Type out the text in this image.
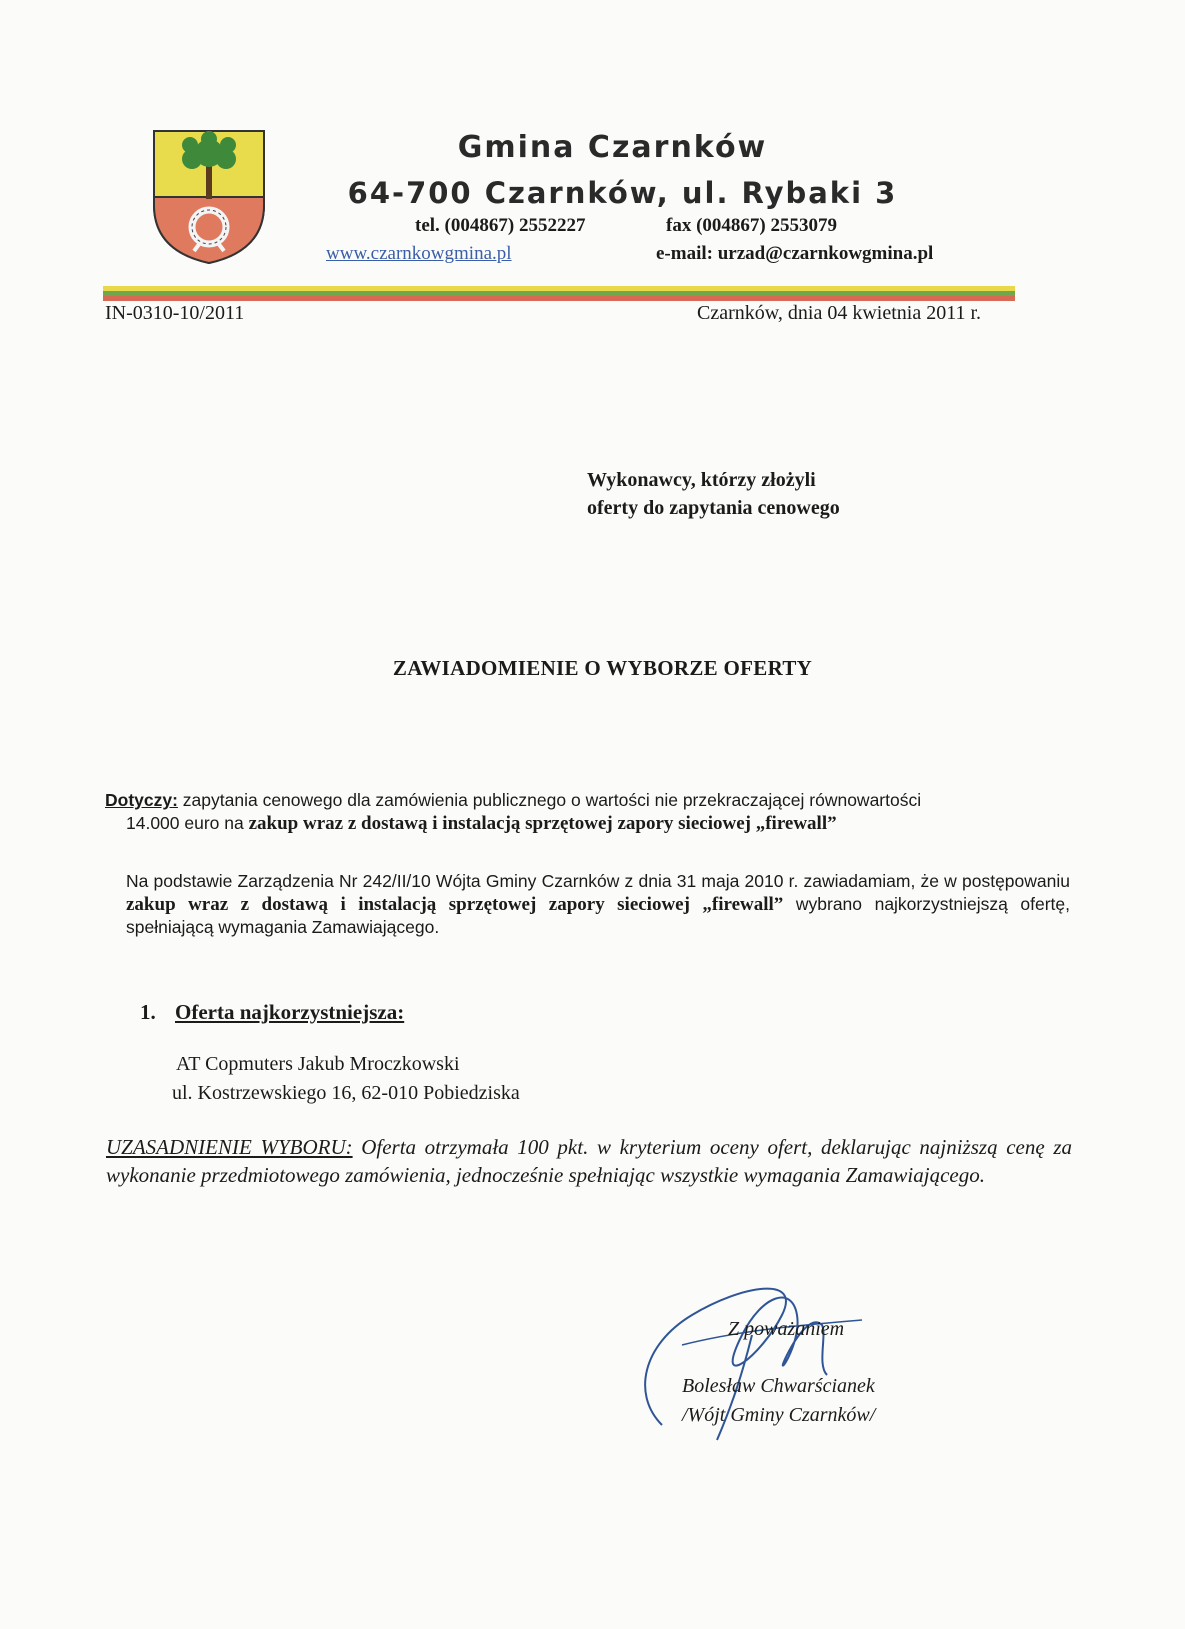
Gmina Czarnków
64-700 Czarnków, ul. Rybaki 3
tel. (004867) 2552227	fax (004867) 2553079
www.czarnkowgmina.pl	e-mail: urzad@czarnkowgmina.pl
IN-0310-10/2011	Czarnków, dnia 04 kwietnia 2011 r.
Wykonawcy, którzy złożyli
oferty do zapytania cenowego
ZAWIADOMIENIE O WYBORZE OFERTY
Dotyczy: zapytania cenowego dla zamówienia publicznego o wartości nie przekraczającej równowartości
14.000 euro na zakup wraz z dostawą i instalacją sprzętowej zapory sieciowej „firewall”
Na podstawie Zarządzenia Nr 242/II/10 Wójta Gminy Czarnków z dnia 31 maja 2010 r. zawiadamiam, że w postępowaniu zakup wraz z dostawą i instalacją sprzętowej zapory sieciowej „firewall” wybrano najkorzystniejszą ofertę, spełniającą wymagania Zamawiającego.
1. Oferta najkorzystniejsza:
AT Copmuters Jakub Mroczkowski
ul. Kostrzewskiego 16, 62-010 Pobiedziska
UZASADNIENIE WYBORU: Oferta otrzymała 100 pkt. w kryterium oceny ofert, deklarując najniższą cenę za wykonanie przedmiotowego zamówienia, jednocześnie spełniając wszystkie wymagania Zamawiającego.
Z poważaniem
Bolesław Chwarścianek
/Wójt Gminy Czarnków/
